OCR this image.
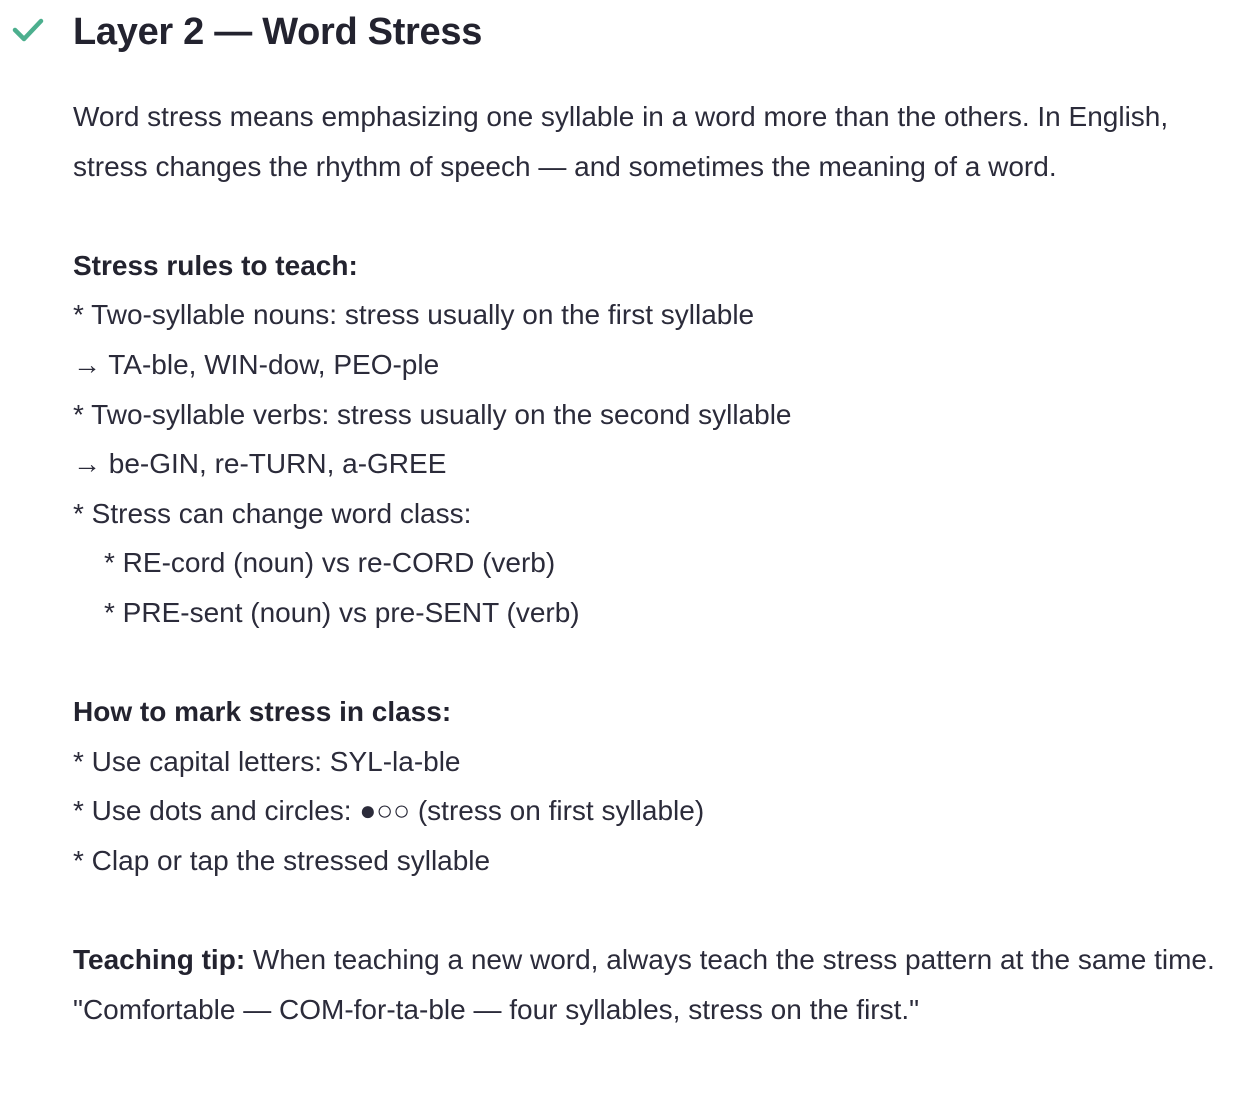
Layer 2 — Word Stress

Word stress means emphasizing one syllable in a word more than the others. In English, stress changes the rhythm of speech — and sometimes the meaning of a word.

Stress rules to teach:
* Two-syllable nouns: stress usually on the first syllable
→ TA-ble, WIN-dow, PEO-ple
* Two-syllable verbs: stress usually on the second syllable
→ be-GIN, re-TURN, a-GREE
* Stress can change word class:
* RE-cord (noun) vs re-CORD (verb)
* PRE-sent (noun) vs pre-SENT (verb)
How to mark stress in class:
* Use capital letters: SYL-la-ble
* Use dots and circles: ●○○ (stress on first syllable)
* Clap or tap the stressed syllable

Teaching tip: When teaching a new word, always teach the stress pattern at the same time. "Comfortable — COM-for-ta-ble — four syllables, stress on the first."
